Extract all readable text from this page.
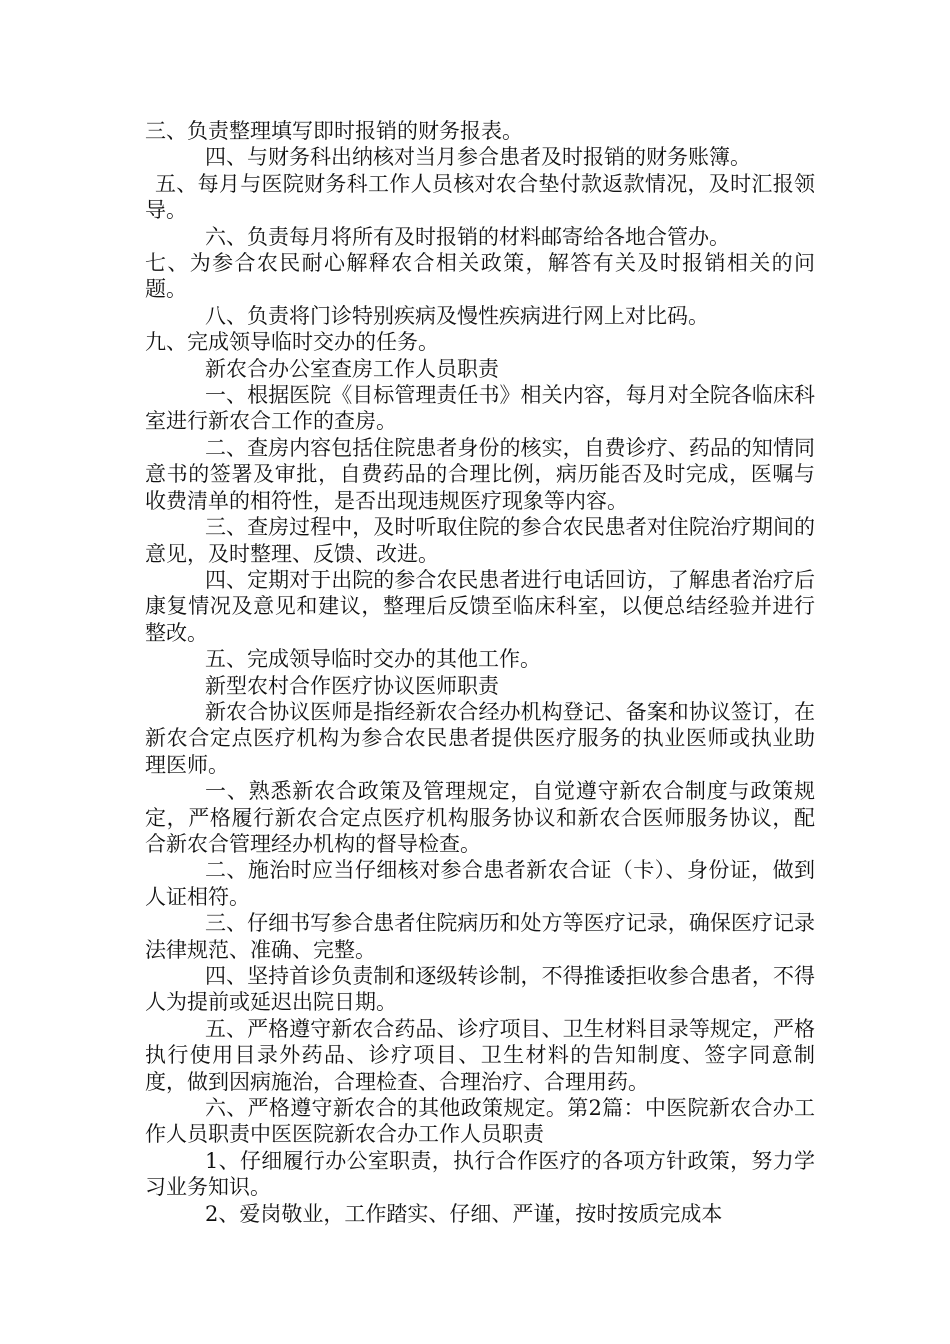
三、负责整理填写即时报销的财务报表。

四、与财务科出纳核对当月参合患者及时报销的财务账簿。

五、每月与医院财务科工作人员核对农合垫付款返款情况，及时汇报领导。

六、负责每月将所有及时报销的材料邮寄给各地合管办。

七、为参合农民耐心解释农合相关政策，解答有关及时报销相关的问题。

八、负责将门诊特别疾病及慢性疾病进行网上对比码。

九、完成领导临时交办的任务。

新农合办公室查房工作人员职责

一、根据医院《目标管理责任书》相关内容，每月对全院各临床科室进行新农合工作的查房。

二、查房内容包括住院患者身份的核实，自费诊疗、药品的知情同意书的签署及审批，自费药品的合理比例，病历能否及时完成，医嘱与收费清单的相符性，是否出现违规医疗现象等内容。

三、查房过程中，及时听取住院的参合农民患者对住院治疗期间的意见，及时整理、反馈、改进。

四、定期对于出院的参合农民患者进行电话回访，了解患者治疗后康复情况及意见和建议，整理后反馈至临床科室，以便总结经验并进行整改。

五、完成领导临时交办的其他工作。

新型农村合作医疗协议医师职责

新农合协议医师是指经新农合经办机构登记、备案和协议签订，在新农合定点医疗机构为参合农民患者提供医疗服务的执业医师或执业助理医师。

一、熟悉新农合政策及管理规定，自觉遵守新农合制度与政策规定，严格履行新农合定点医疗机构服务协议和新农合医师服务协议，配合新农合管理经办机构的督导检查。

二、施治时应当仔细核对参合患者新农合证（卡）、身份证，做到人证相符。

三、仔细书写参合患者住院病历和处方等医疗记录，确保医疗记录法律规范、准确、完整。

四、坚持首诊负责制和逐级转诊制，不得推诿拒收参合患者，不得人为提前或延迟出院日期。

五、严格遵守新农合药品、诊疗项目、卫生材料目录等规定，严格执行使用目录外药品、诊疗项目、卫生材料的告知制度、签字同意制度，做到因病施治，合理检查、合理治疗、合理用药。

六、严格遵守新农合的其他政策规定。第2篇：中医院新农合办工作人员职责中医医院新农合办工作人员职责

1、仔细履行办公室职责，执行合作医疗的各项方针政策，努力学习业务知识。

2、爱岗敬业，工作踏实、仔细、严谨，按时按质完成本
